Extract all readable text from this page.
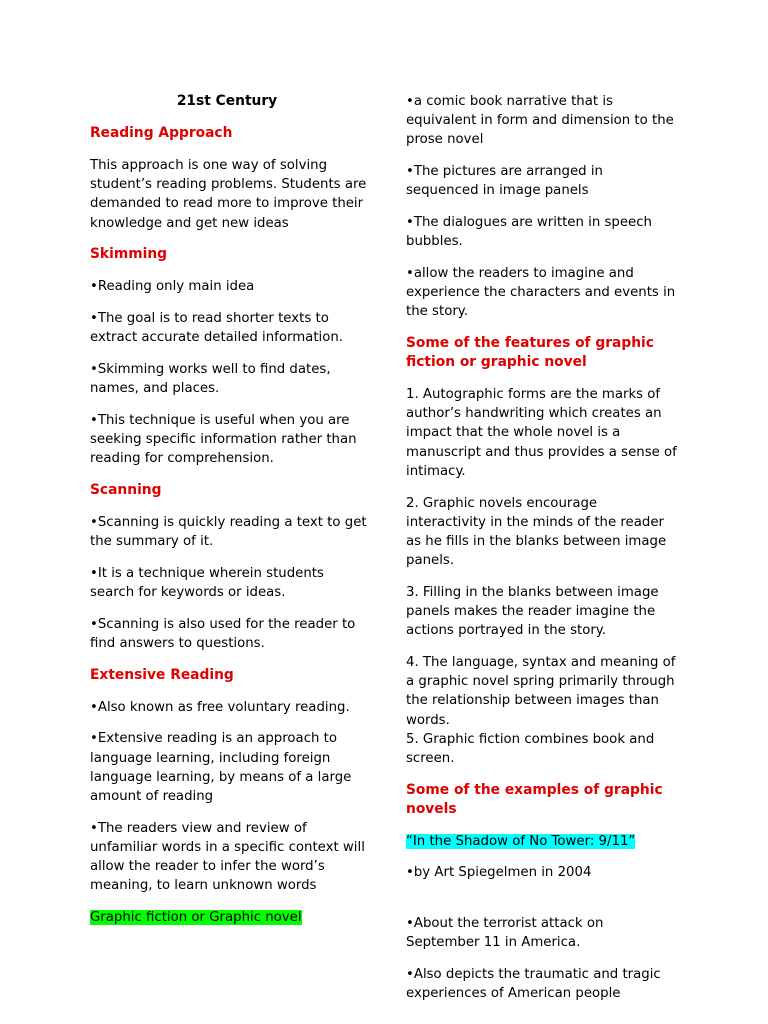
21st Century

Reading Approach

This approach is one way of solving student’s reading problems. Students are demanded to read more to improve their knowledge and get new ideas

Skimming

•Reading only main idea

•The goal is to read shorter texts to extract accurate detailed information.

•Skimming works well to find dates, names, and places.

•This technique is useful when you are seeking specific information rather than reading for comprehension.

Scanning

•Scanning is quickly reading a text to get the summary of it.

•It is a technique wherein students search for keywords or ideas.

•Scanning is also used for the reader to find answers to questions.

Extensive Reading

•Also known as free voluntary reading.

•Extensive reading is an approach to language learning, including foreign language learning, by means of a large amount of reading

•The readers view and review of unfamiliar words in a specific context will allow the reader to infer the word’s meaning, to learn unknown words

Graphic fiction or Graphic novel

•a comic book narrative that is equivalent in form and dimension to the prose novel

•The pictures are arranged in sequenced in image panels

•The dialogues are written in speech bubbles.

•allow the readers to imagine and experience the characters and events in the story.

Some of the features of graphic fiction or graphic novel

1. Autographic forms are the marks of author’s handwriting which creates an impact that the whole novel is a manuscript and thus provides a sense of intimacy.

2. Graphic novels encourage interactivity in the minds of the reader as he fills in the blanks between image panels.

3. Filling in the blanks between image panels makes the reader imagine the actions portrayed in the story.

4. The language, syntax and meaning of a graphic novel spring primarily through the relationship between images than words.

5. Graphic fiction combines book and screen.

Some of the examples of graphic novels

“In the Shadow of No Tower: 9/11”

•by Art Spiegelmen in 2004

•About the terrorist attack on September 11 in America.

•Also depicts the traumatic and tragic experiences of American people
